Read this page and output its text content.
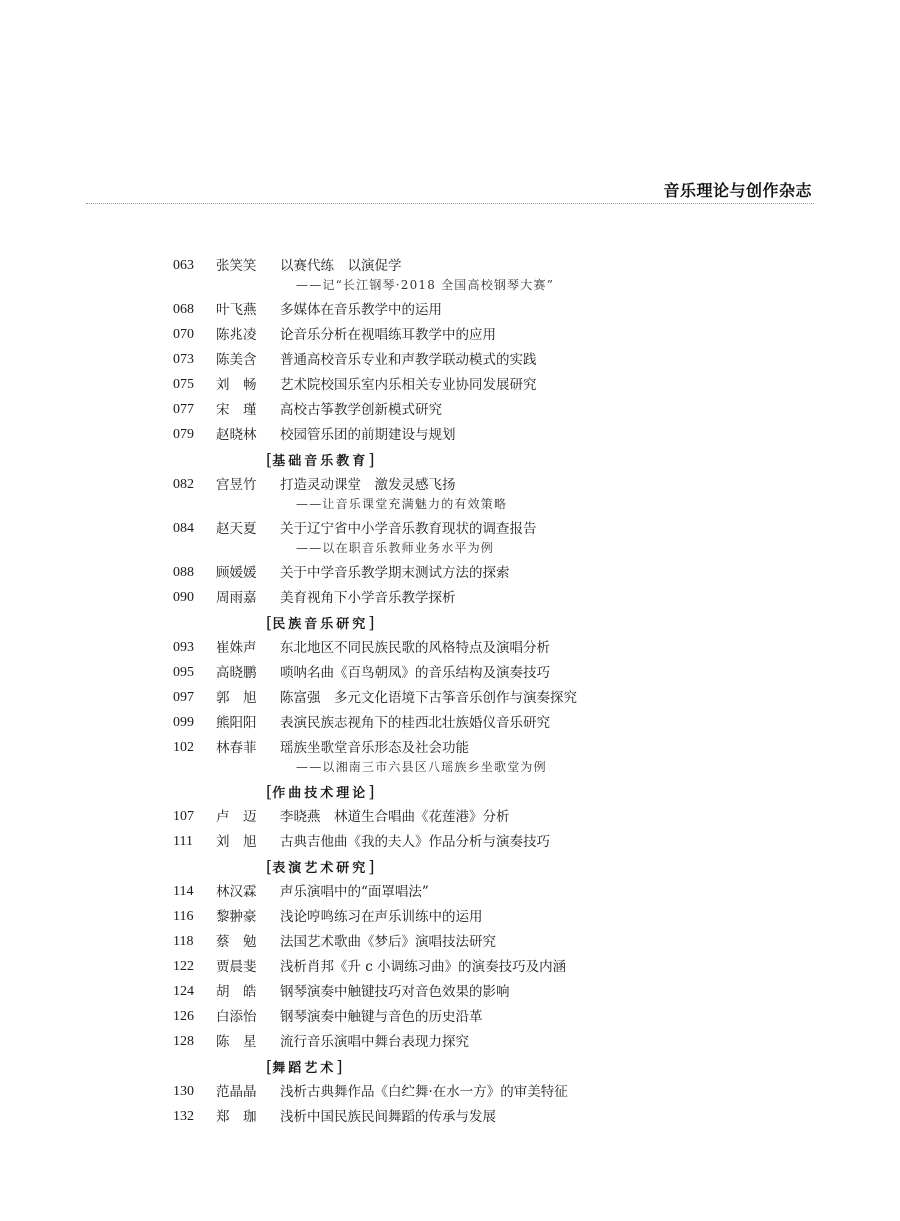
音乐理论与创作杂志
063 张笑笑 以赛代练　以演促学
——记“长江钢琴·2018 全国高校钢琴大赛”
068 叶飞燕 多媒体在音乐教学中的运用
070 陈兆凌 论音乐分析在视唱练耳教学中的应用
073 陈美含 普通高校音乐专业和声教学联动模式的实践
075 刘　畅 艺术院校国乐室内乐相关专业协同发展研究
077 宋　瑾 高校古筝教学创新模式研究
079 赵晓林 校园管乐团的前期建设与规划
[基础音乐教育]
082 宫昱竹 打造灵动课堂　激发灵感飞扬
——让音乐课堂充满魅力的有效策略
084 赵天夏 关于辽宁省中小学音乐教育现状的调查报告
——以在职音乐教师业务水平为例
088 顾媛媛 关于中学音乐教学期末测试方法的探索
090 周雨嘉 美育视角下小学音乐教学探析
[民族音乐研究]
093 崔姝声 东北地区不同民族民歌的风格特点及演唱分析
095 高晓鹏 唢呐名曲《百鸟朝凤》的音乐结构及演奏技巧
097 郭　旭 陈富强　多元文化语境下古筝音乐创作与演奏探究
099 熊阳阳 表演民族志视角下的桂西北壮族婚仪音乐研究
102 林春菲 瑶族坐歌堂音乐形态及社会功能
——以湘南三市六县区八瑶族乡坐歌堂为例
[作曲技术理论]
107 卢　迈 李晓燕　林道生合唱曲《花莲港》分析
111 刘　旭 古典吉他曲《我的夫人》作品分析与演奏技巧
[表演艺术研究]
114 林汉霖 声乐演唱中的“面罩唱法”
116 黎翀豪 浅论哼鸣练习在声乐训练中的运用
118 蔡　勉 法国艺术歌曲《梦后》演唱技法研究
122 贾晨斐 浅析肖邦《升 c 小调练习曲》的演奏技巧及内涵
124 胡　皓 钢琴演奏中触键技巧对音色效果的影响
126 白添怡 钢琴演奏中触键与音色的历史沿革
128 陈　星 流行音乐演唱中舞台表现力探究
[舞蹈艺术]
130 范晶晶 浅析古典舞作品《白纻舞·在水一方》的审美特征
132 郑　珈 浅析中国民族民间舞蹈的传承与发展
